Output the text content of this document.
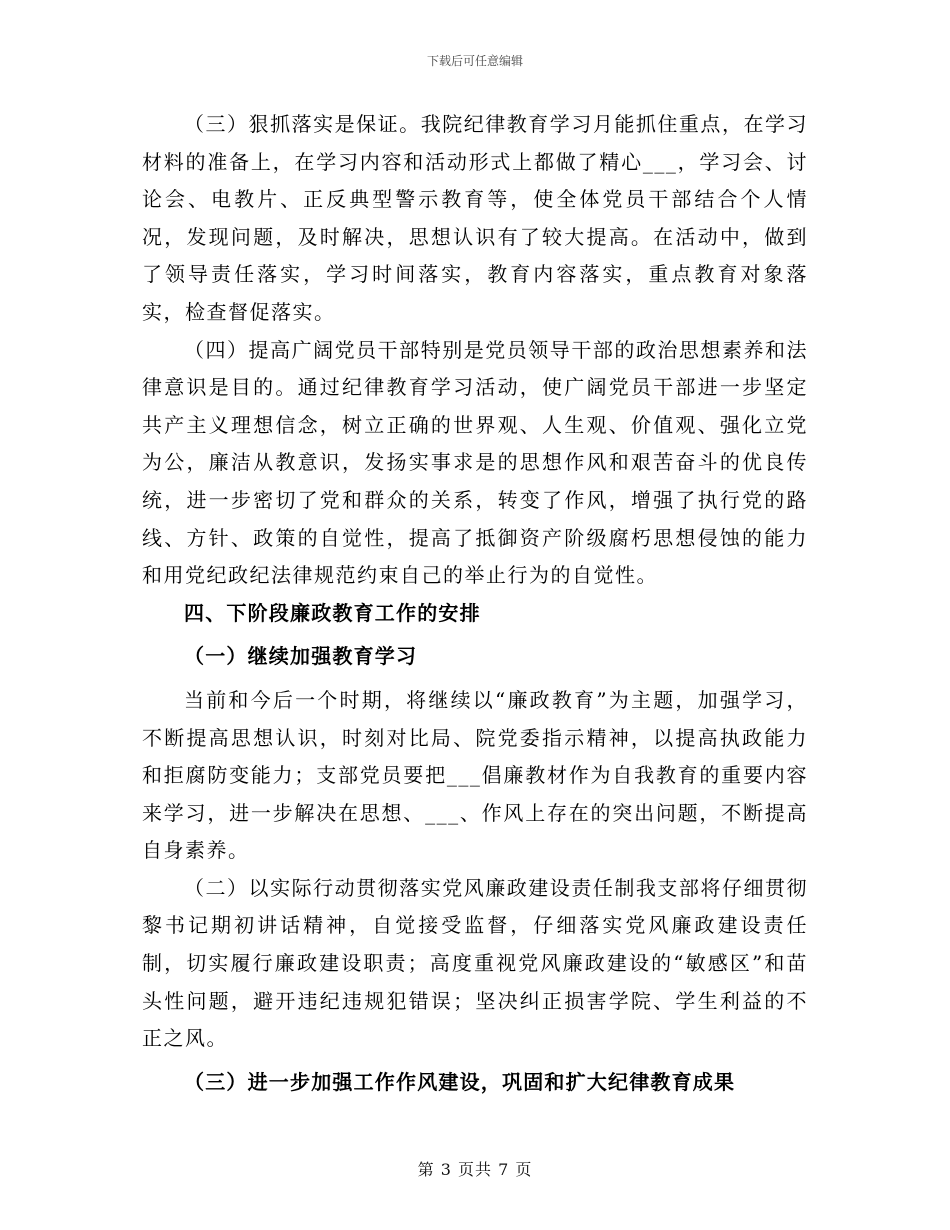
下载后可任意编辑

（三）狠抓落实是保证。我院纪律教育学习月能抓住重点，在学习材料的准备上，在学习内容和活动形式上都做了精心___，学习会、讨论会、电教片、正反典型警示教育等，使全体党员干部结合个人情况，发现问题，及时解决，思想认识有了较大提高。在活动中，做到了领导责任落实，学习时间落实，教育内容落实，重点教育对象落实，检查督促落实。

（四）提高广阔党员干部特别是党员领导干部的政治思想素养和法律意识是目的。通过纪律教育学习活动，使广阔党员干部进一步坚定共产主义理想信念，树立正确的世界观、人生观、价值观、强化立党为公，廉洁从教意识，发扬实事求是的思想作风和艰苦奋斗的优良传统，进一步密切了党和群众的关系，转变了作风，增强了执行党的路线、方针、政策的自觉性，提高了抵御资产阶级腐朽思想侵蚀的能力和用党纪政纪法律规范约束自己的举止行为的自觉性。

四、下阶段廉政教育工作的安排

（一）继续加强教育学习

当前和今后一个时期，将继续以“廉政教育”为主题，加强学习，不断提高思想认识，时刻对比局、院党委指示精神，以提高执政能力和拒腐防变能力；支部党员要把___倡廉教材作为自我教育的重要内容来学习，进一步解决在思想、___、作风上存在的突出问题，不断提高自身素养。

（二）以实际行动贯彻落实党风廉政建设责任制我支部将仔细贯彻黎书记期初讲话精神，自觉接受监督，仔细落实党风廉政建设责任制，切实履行廉政建设职责；高度重视党风廉政建设的“敏感区”和苗头性问题，避开违纪违规犯错误；坚决纠正损害学院、学生利益的不正之风。

（三）进一步加强工作作风建设，巩固和扩大纪律教育成果

第 3 页共 7 页
